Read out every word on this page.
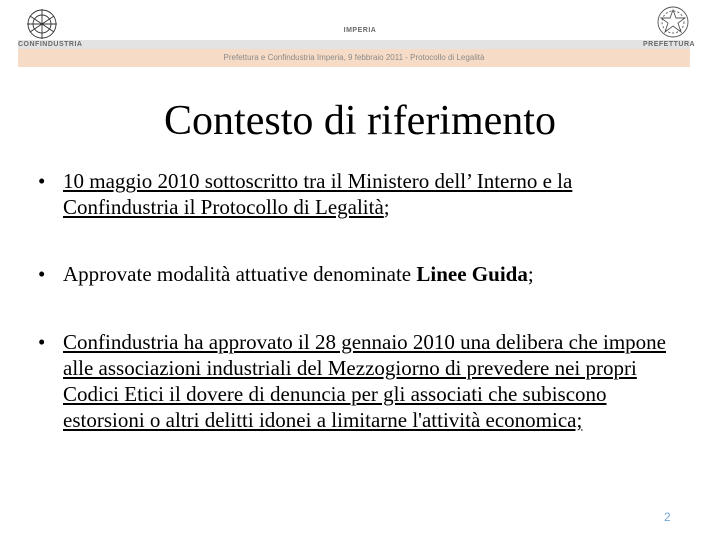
CONFINDUSTRIA
IMPERIA
PREFETTURA
Prefettura e Confindustria Imperia, 9 febbraio 2011 - Protocollo di Legalità
Contesto di riferimento
• 10 maggio 2010 sottoscritto tra il Ministero dell’ Interno e la Confindustria il Protocollo di Legalità;
• Approvate modalità attuative denominate Linee Guida;
• Confindustria ha approvato il 28 gennaio 2010 una delibera che impone alle associazioni industriali del Mezzogiorno di prevedere nei propri Codici Etici il dovere di denuncia per gli associati che subiscono estorsioni o altri delitti idonei a limitarne l'attività economica;
2
